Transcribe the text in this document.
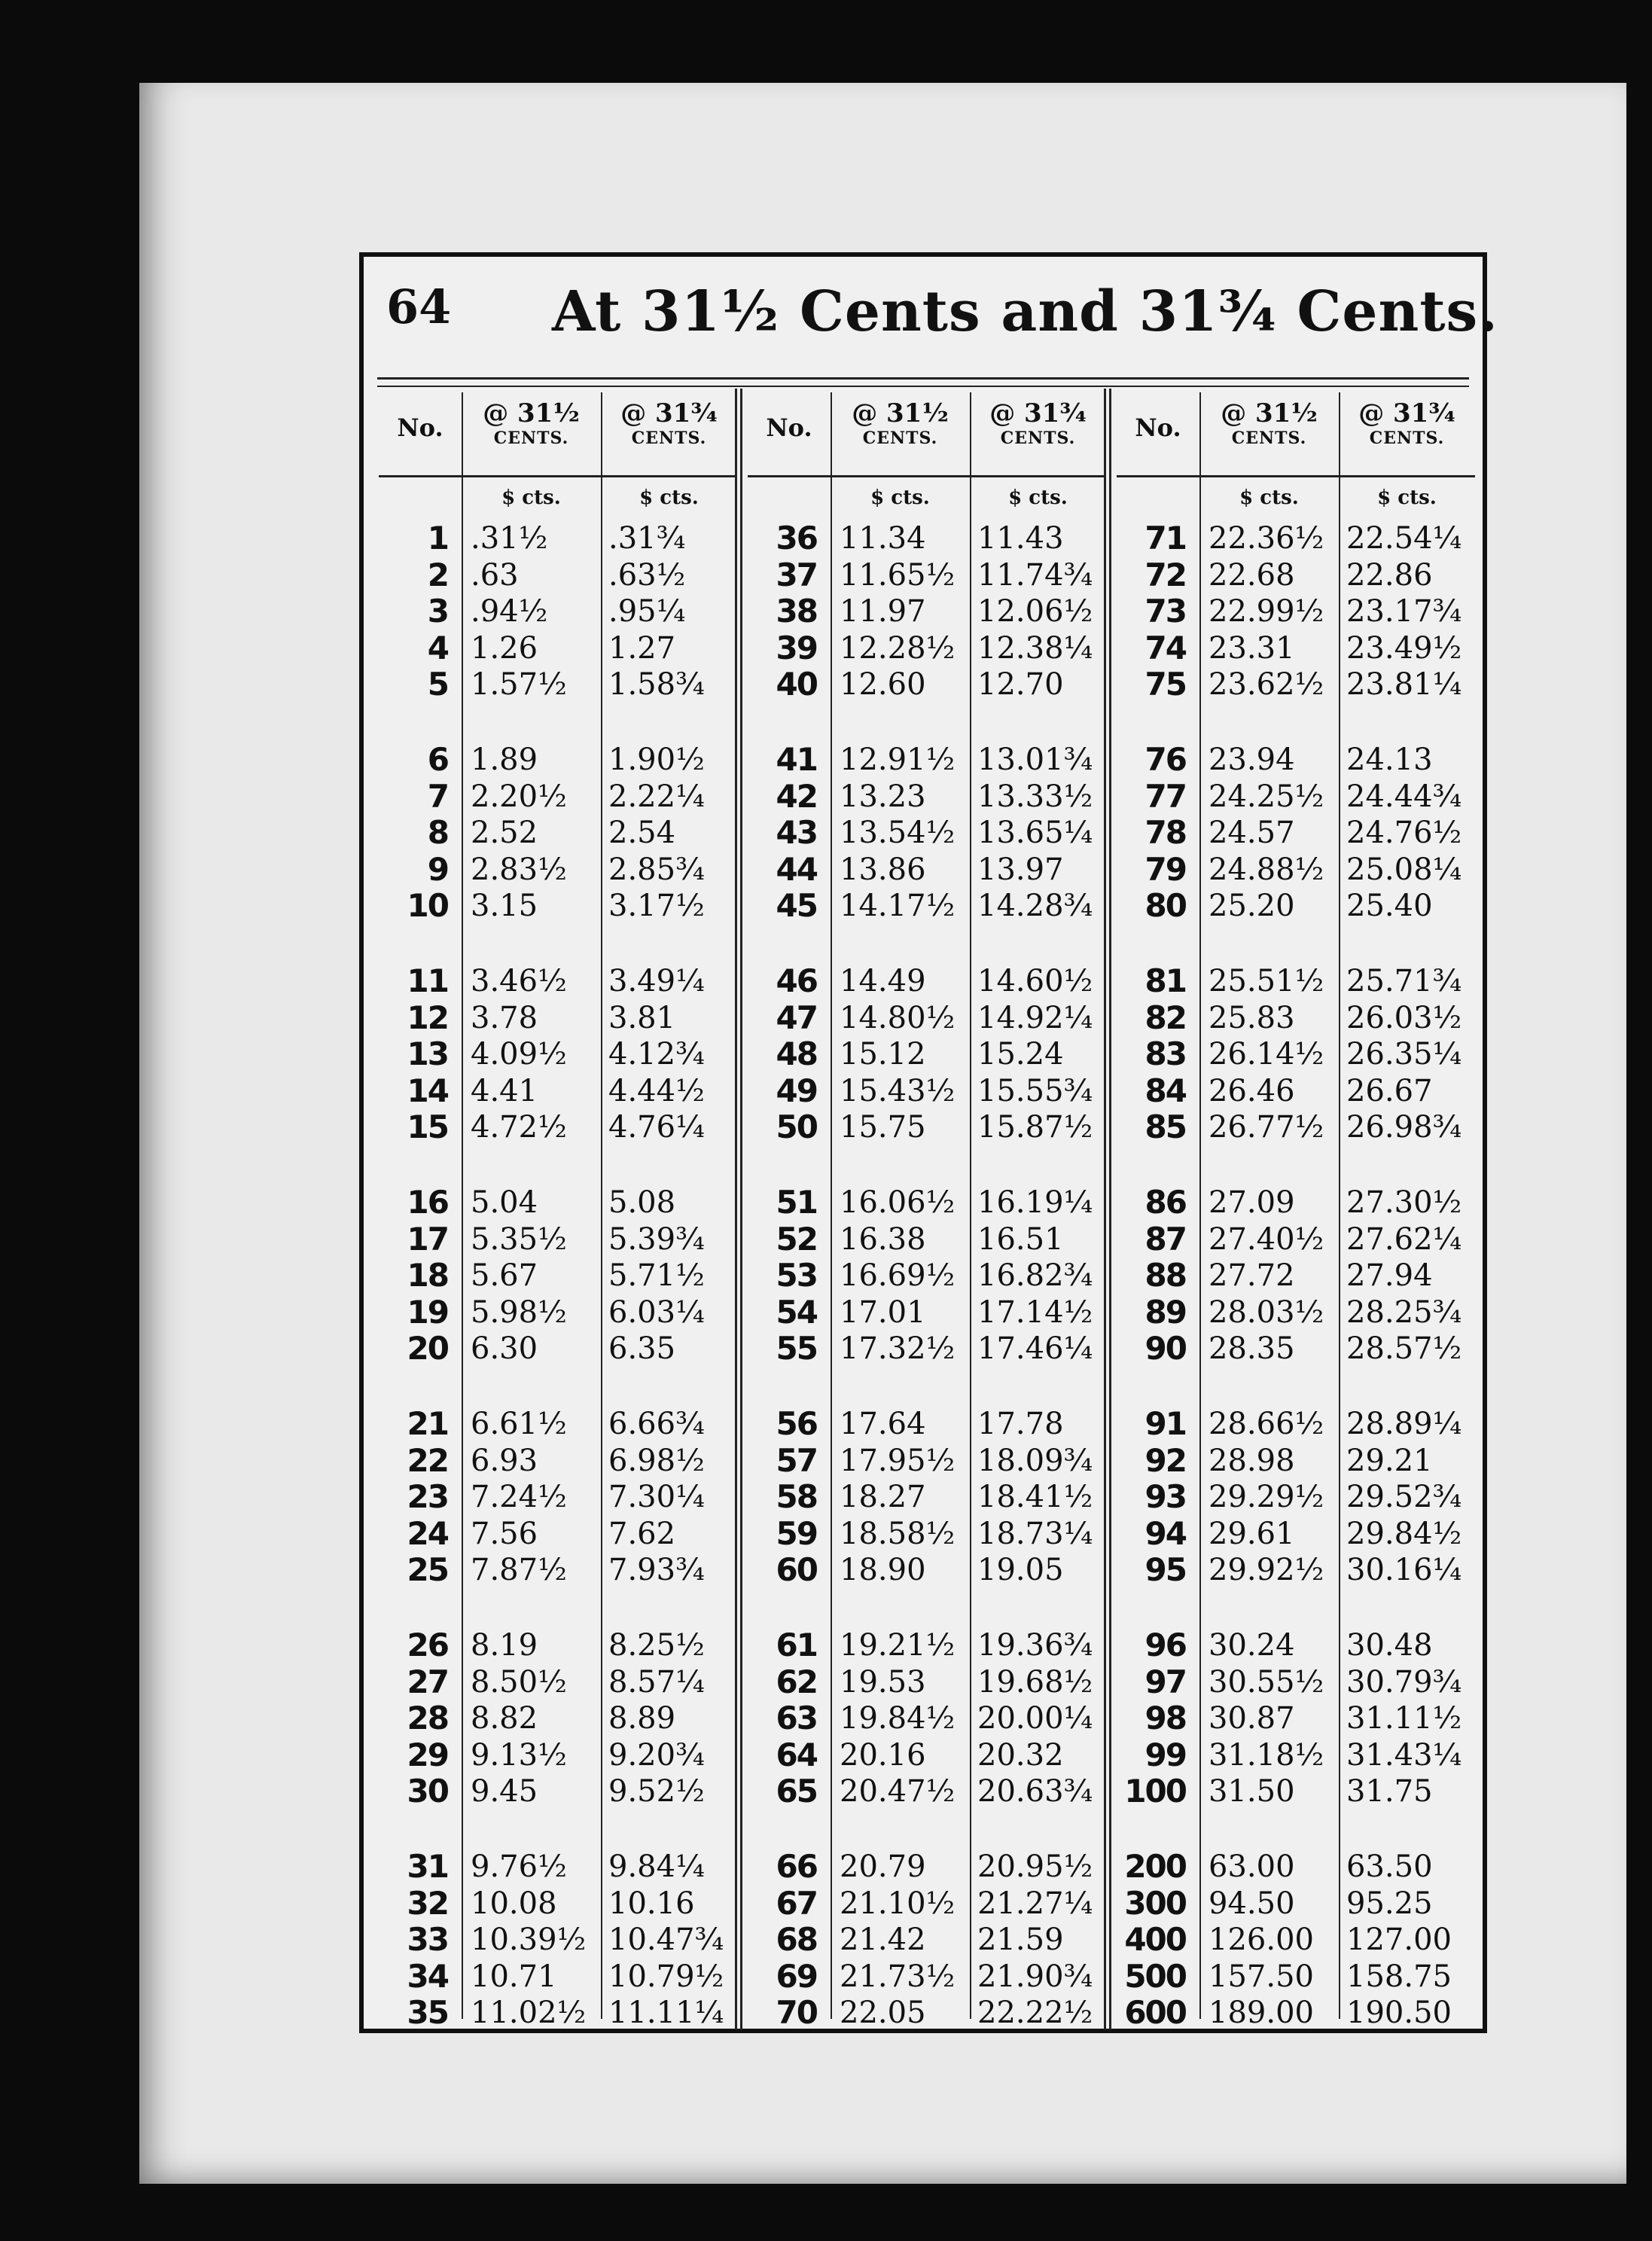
64 At 31½ Cents and 31¾ Cents.
No.	@ 31½
CENTS.
@ 31¾
CENTS.
$ cts.	$ cts.
1 .31½ .31¾
2 .63	.63½
3 .94½ .95¼
4 1.26 1.27
5 1.57½ 1.58¾
6 1.89 1.90½
7 2.20½ 2.22¼
8 2.52 2.54
9 2.83½ 2.85¾
10 3.15 3.17½
11 3.46½ 3.49¼
12 3.78 3.81
13 4.09½ 4.12¾
14 4.41 4.44½
15 4.72½ 4.76¼
16 5.04 5.08
17 5.35½ 5.39¾
18 5.67 5.71½
19 5.98½ 6.03¼
20 6.30 6.35
21 6.61½ 6.66¾
22 6.93 6.98½
23 7.24½ 7.30¼
24 7.56 7.62
25 7.87½ 7.93¾
26 8.19 8.25½
27 8.50½ 8.57¼
28 8.82 8.89
29 9.13½ 9.20¾
30 9.45 9.52½
31 9.76½ 9.84¼
32 10.08 10.16
33 10.39½ 10.47¾
34 10.71 10.79½
35 11.02½ 11.11¼
No.	@ 31½
CENTS.
@ 31¾
CENTS.
$ cts.	$ cts.
36 11.34 11.43
37 11.65½ 11.74¾
38 11.97 12.06½
39 12.28½ 12.38¼
40 12.60 12.70
41 12.91½ 13.01¾
42 13.23 13.33½
43 13.54½ 13.65¼
44 13.86 13.97
45 14.17½ 14.28¾
46 14.49 14.60½
47 14.80½ 14.92¼
48 15.12 15.24
49 15.43½ 15.55¾
50 15.75 15.87½
51 16.06½ 16.19¼
52 16.38 16.51
53 16.69½ 16.82¾
54 17.01 17.14½
55 17.32½ 17.46¼
56 17.64 17.78
57 17.95½ 18.09¾
58 18.27 18.41½
59 18.58½ 18.73¼
60 18.90 19.05
61 19.21½ 19.36¾
62 19.53 19.68½
63 19.84½ 20.00¼
64 20.16 20.32
65 20.47½ 20.63¾
66 20.79 20.95½
67 21.10½ 21.27¼
68 21.42 21.59
69 21.73½ 21.90¾
70 22.05 22.22½
No.	@ 31½
CENTS.
@ 31¾
CENTS.
$ cts.	$ cts.
71 22.36½ 22.54¼
72 22.68 22.86
73 22.99½ 23.17¾
74 23.31 23.49½
75 23.62½ 23.81¼
76 23.94 24.13
77 24.25½ 24.44¾
78 24.57 24.76½
79 24.88½ 25.08¼
80 25.20 25.40
81 25.51½ 25.71¾
82 25.83 26.03½
83 26.14½ 26.35¼
84 26.46 26.67
85 26.77½ 26.98¾
86 27.09 27.30½
87 27.40½ 27.62¼
88 27.72 27.94
89 28.03½ 28.25¾
90 28.35 28.57½
91 28.66½ 28.89¼
92 28.98 29.21
93 29.29½ 29.52¾
94 29.61 29.84½
95 29.92½ 30.16¼
96 30.24 30.48
97 30.55½ 30.79¾
98 30.87 31.11½
99 31.18½ 31.43¼
100 31.50 31.75
200 63.00 63.50
300 94.50 95.25
400 126.00 127.00
500 157.50 158.75
600 189.00 190.50
